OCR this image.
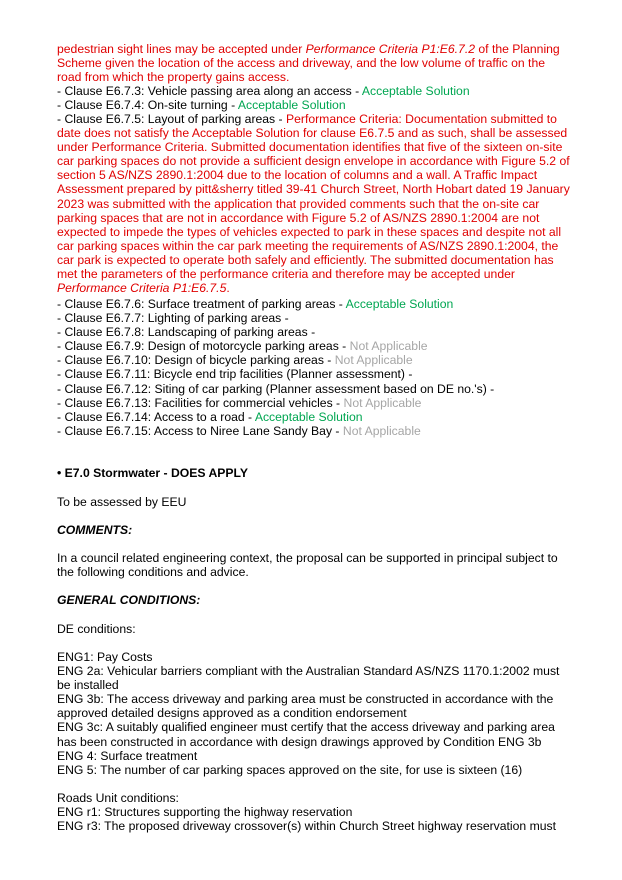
pedestrian sight lines may be accepted under Performance Criteria P1:E6.7.2 of the Planning Scheme given the location of the access and driveway, and the low volume of traffic on the road from which the property gains access.

- Clause E6.7.3: Vehicle passing area along an access - Acceptable Solution
- Clause E6.7.4: On-site turning - Acceptable Solution

- Clause E6.7.5: Layout of parking areas - Performance Criteria: Documentation submitted to date does not satisfy the Acceptable Solution for clause E6.7.5 and as such, shall be assessed under Performance Criteria. Submitted documentation identifies that five of the sixteen on-site car parking spaces do not provide a sufficient design envelope in accordance with Figure 5.2 of section 5 AS/NZS 2890.1:2004 due to the location of columns and a wall. A Traffic Impact Assessment prepared by pitt&sherry titled 39-41 Church Street, North Hobart dated 19 January 2023 was submitted with the application that provided comments such that the on-site car parking spaces that are not in accordance with Figure 5.2 of AS/NZS 2890.1:2004 are not expected to impede the types of vehicles expected to park in these spaces and despite not all car parking spaces within the car park meeting the requirements of AS/NZS 2890.1:2004, the car park is expected to operate both safely and efficiently. The submitted documentation has met the parameters of the performance criteria and therefore may be accepted under Performance Criteria P1:E6.7.5.

- Clause E6.7.6: Surface treatment of parking areas - Acceptable Solution
- Clause E6.7.7: Lighting of parking areas -
- Clause E6.7.8: Landscaping of parking areas -
- Clause E6.7.9: Design of motorcycle parking areas - Not Applicable
- Clause E6.7.10: Design of bicycle parking areas - Not Applicable
- Clause E6.7.11: Bicycle end trip facilities (Planner assessment) -
- Clause E6.7.12: Siting of car parking (Planner assessment based on DE no.'s) -
- Clause E6.7.13: Facilities for commercial vehicles - Not Applicable
- Clause E6.7.14: Access to a road - Acceptable Solution
- Clause E6.7.15: Access to Niree Lane Sandy Bay - Not Applicable
• E7.0 Stormwater - DOES APPLY
To be assessed by EEU
COMMENTS:

In a council related engineering context, the proposal can be supported in principal subject to the following conditions and advice.

GENERAL CONDITIONS:
DE conditions:

ENG1: Pay Costs

ENG 2a: Vehicular barriers compliant with the Australian Standard AS/NZS 1170.1:2002 must be installed

ENG 3b: The access driveway and parking area must be constructed in accordance with the approved detailed designs approved as a condition endorsement

ENG 3c: A suitably qualified engineer must certify that the access driveway and parking area has been constructed in accordance with design drawings approved by Condition ENG 3b

ENG 4: Surface treatment

ENG 5: The number of car parking spaces approved on the site, for use is sixteen (16)

Roads Unit conditions:

ENG r1: Structures supporting the highway reservation

ENG r3: The proposed driveway crossover(s) within Church Street highway reservation must
